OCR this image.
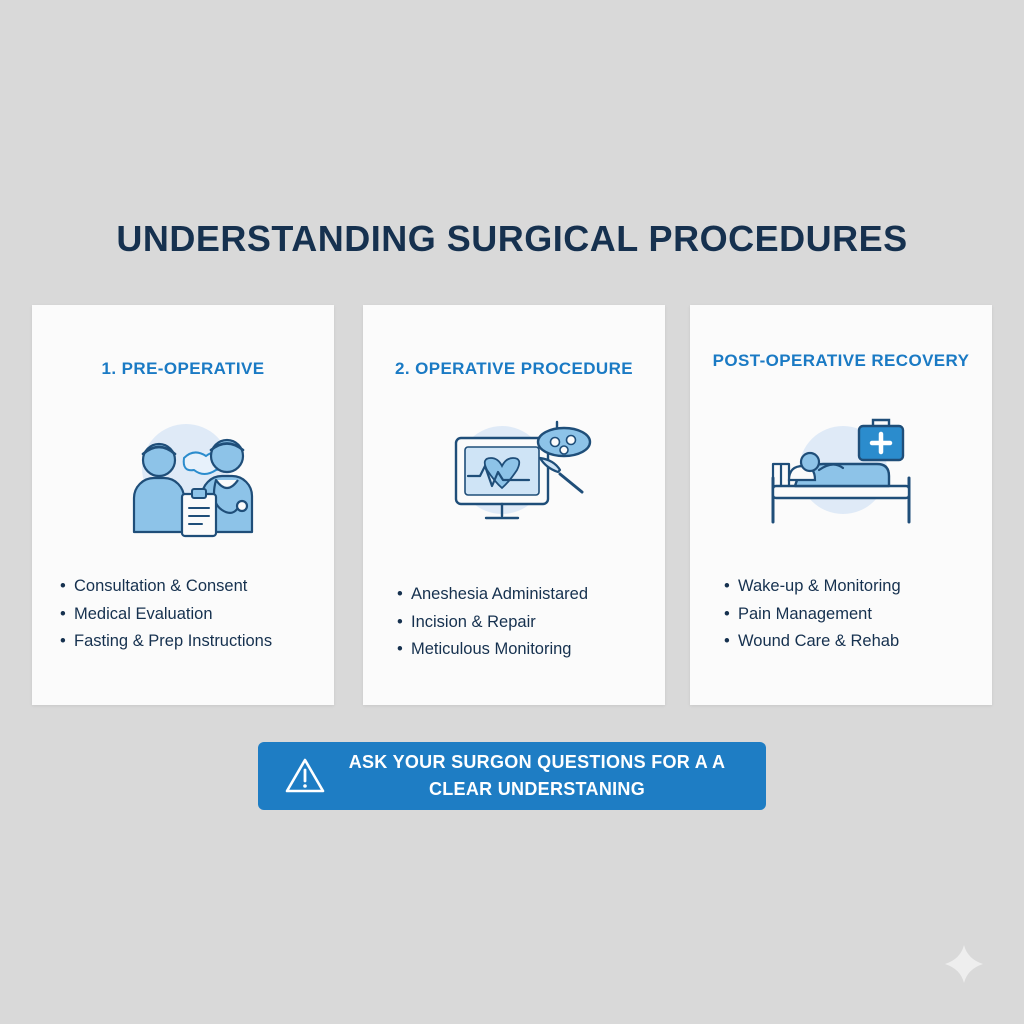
UNDERSTANDING SURGICAL PROCEDURES
1. PRE-OPERATIVE
• Consultation & Consent
• Medical Evaluation
• Fasting & Prep Instructions
2. OPERATIVE PROCEDURE
• Aneshesia Administared
• Incision & Repair
• Meticulous Monitoring
POST-OPERATIVE RECOVERY
• Wake-up & Monitoring
• Pain Management
• Wound Care & Rehab
ASK YOUR SURGON QUESTIONS FOR A A CLEAR UNDERSTANING
